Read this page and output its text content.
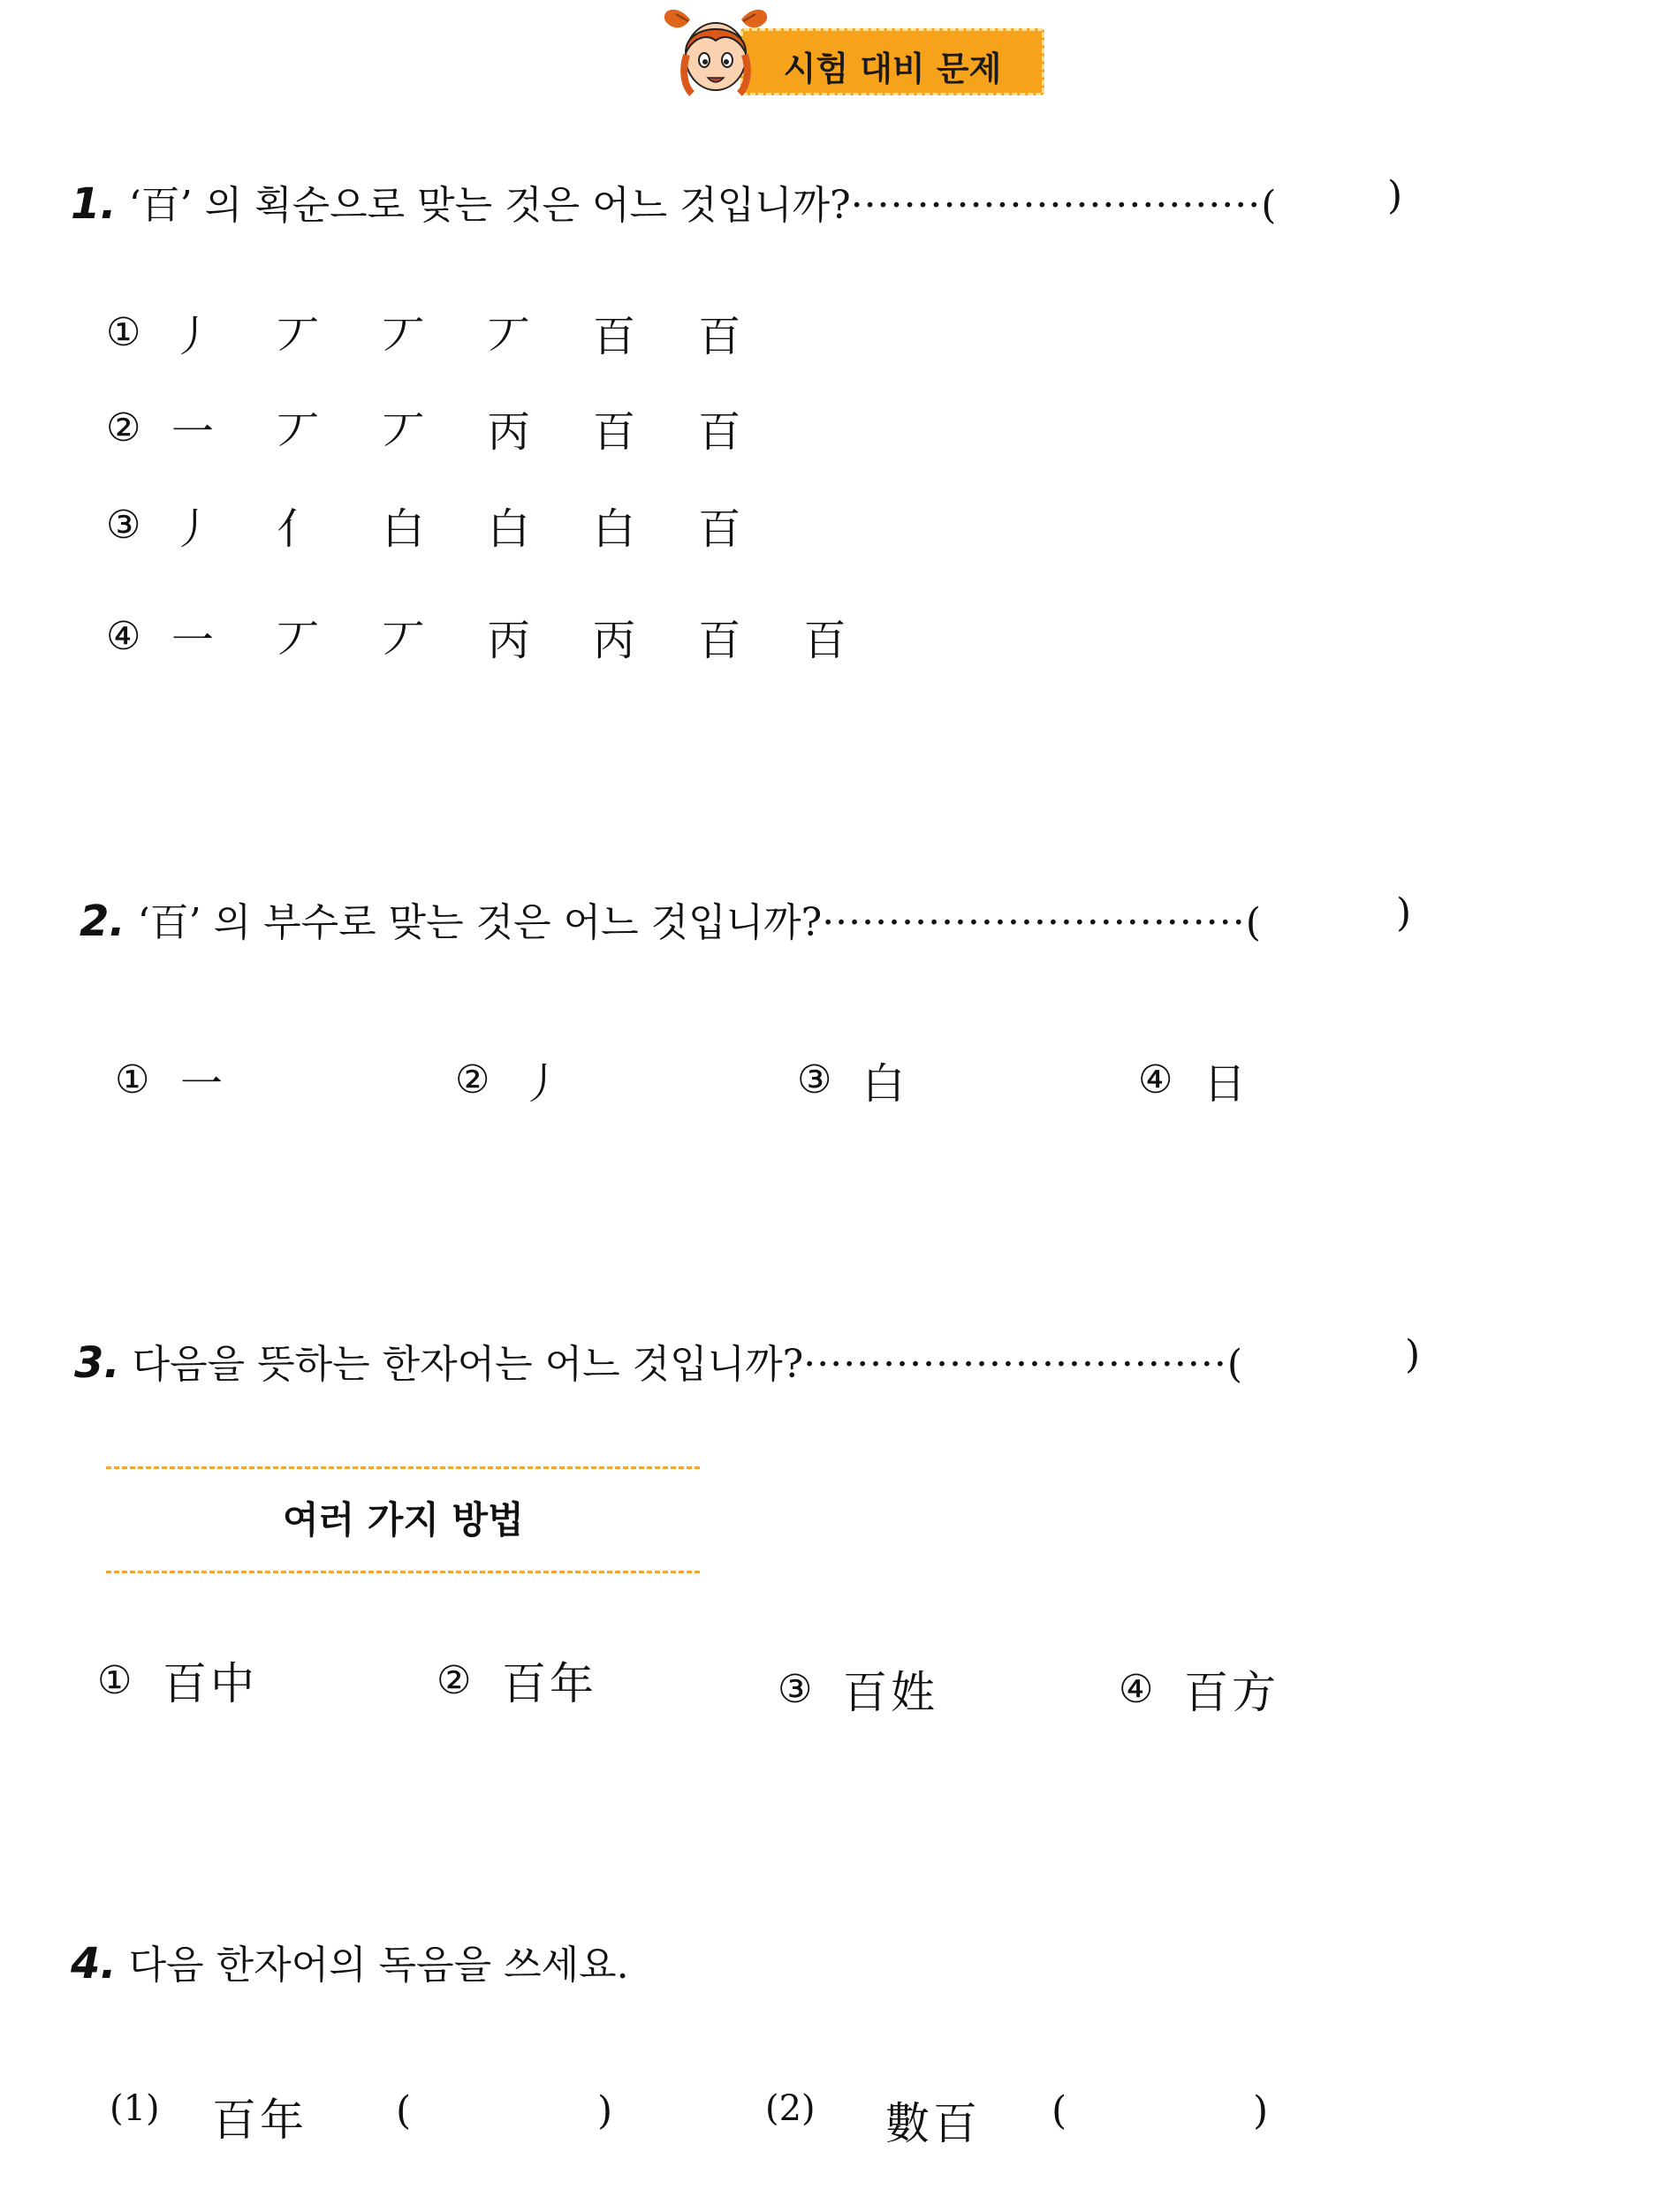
시험 대비 문제
1. ‘百’ 의 획순으로 맞는 것은 어느 것입니까? ······························· (	)
① 丿 丆 丆 丆 百 百
② 一 丆 丆 丙 百 百
③ 丿 亻 白 白 白 百
④ 一 丆 丆 丙 丙 百 百
2. ‘百’ 의 부수로 맞는 것은 어느 것입니까? ································ (	)
① 一	② 丿	③ 白	④ 日
3. 다음을 뜻하는 한자어는 어느 것입니까? ································ (	)
여러 가지 방법
① 百中	② 百年	③ 百姓	④ 百方
4. 다음 한자어의 독음을 쓰세요.
(1) 百年 (	)	(2) 數百 (	)
